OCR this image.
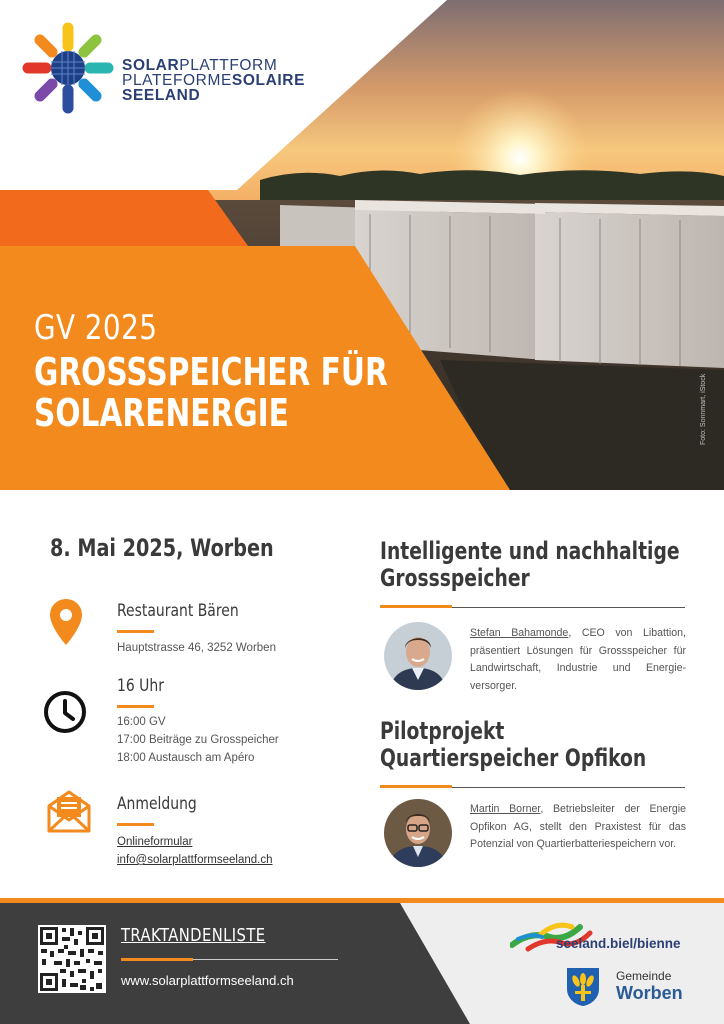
SOLARPLATTFORM
PLATEFORMESOLAIRE
SEELAND
GV 2025
GROSSSPEICHER FÜR
SOLARENERGIE	Foto: Sonnmart, iStock
8. Mai 2025, Worben
Restaurant Bären
Hauptstrasse 46, 3252 Worben
16 Uhr
16:00 GV
17:00 Beiträge zu Grosspeicher
18:00 Austausch am Apéro
Anmeldung
Onlineformular
info@solarplattformseeland.ch
Intelligente und nachhaltige
Grossspeicher
Stefan Bahamonde, CEO von Libattion, präsentiert Lösungen für Grossspeicher für Landwirtschaft, Industrie und Energie-versorger.
Pilotprojekt
Quartierspeicher Opfikon
Martin Borner, Betriebsleiter der Energie Opfikon AG, stellt den Praxistest für das Potenzial von Quartierbatteriespeichern vor.
TRAKTANDENLISTE
www.solarplattformseeland.ch
seeland.biel/bienne
Gemeinde
Worben
